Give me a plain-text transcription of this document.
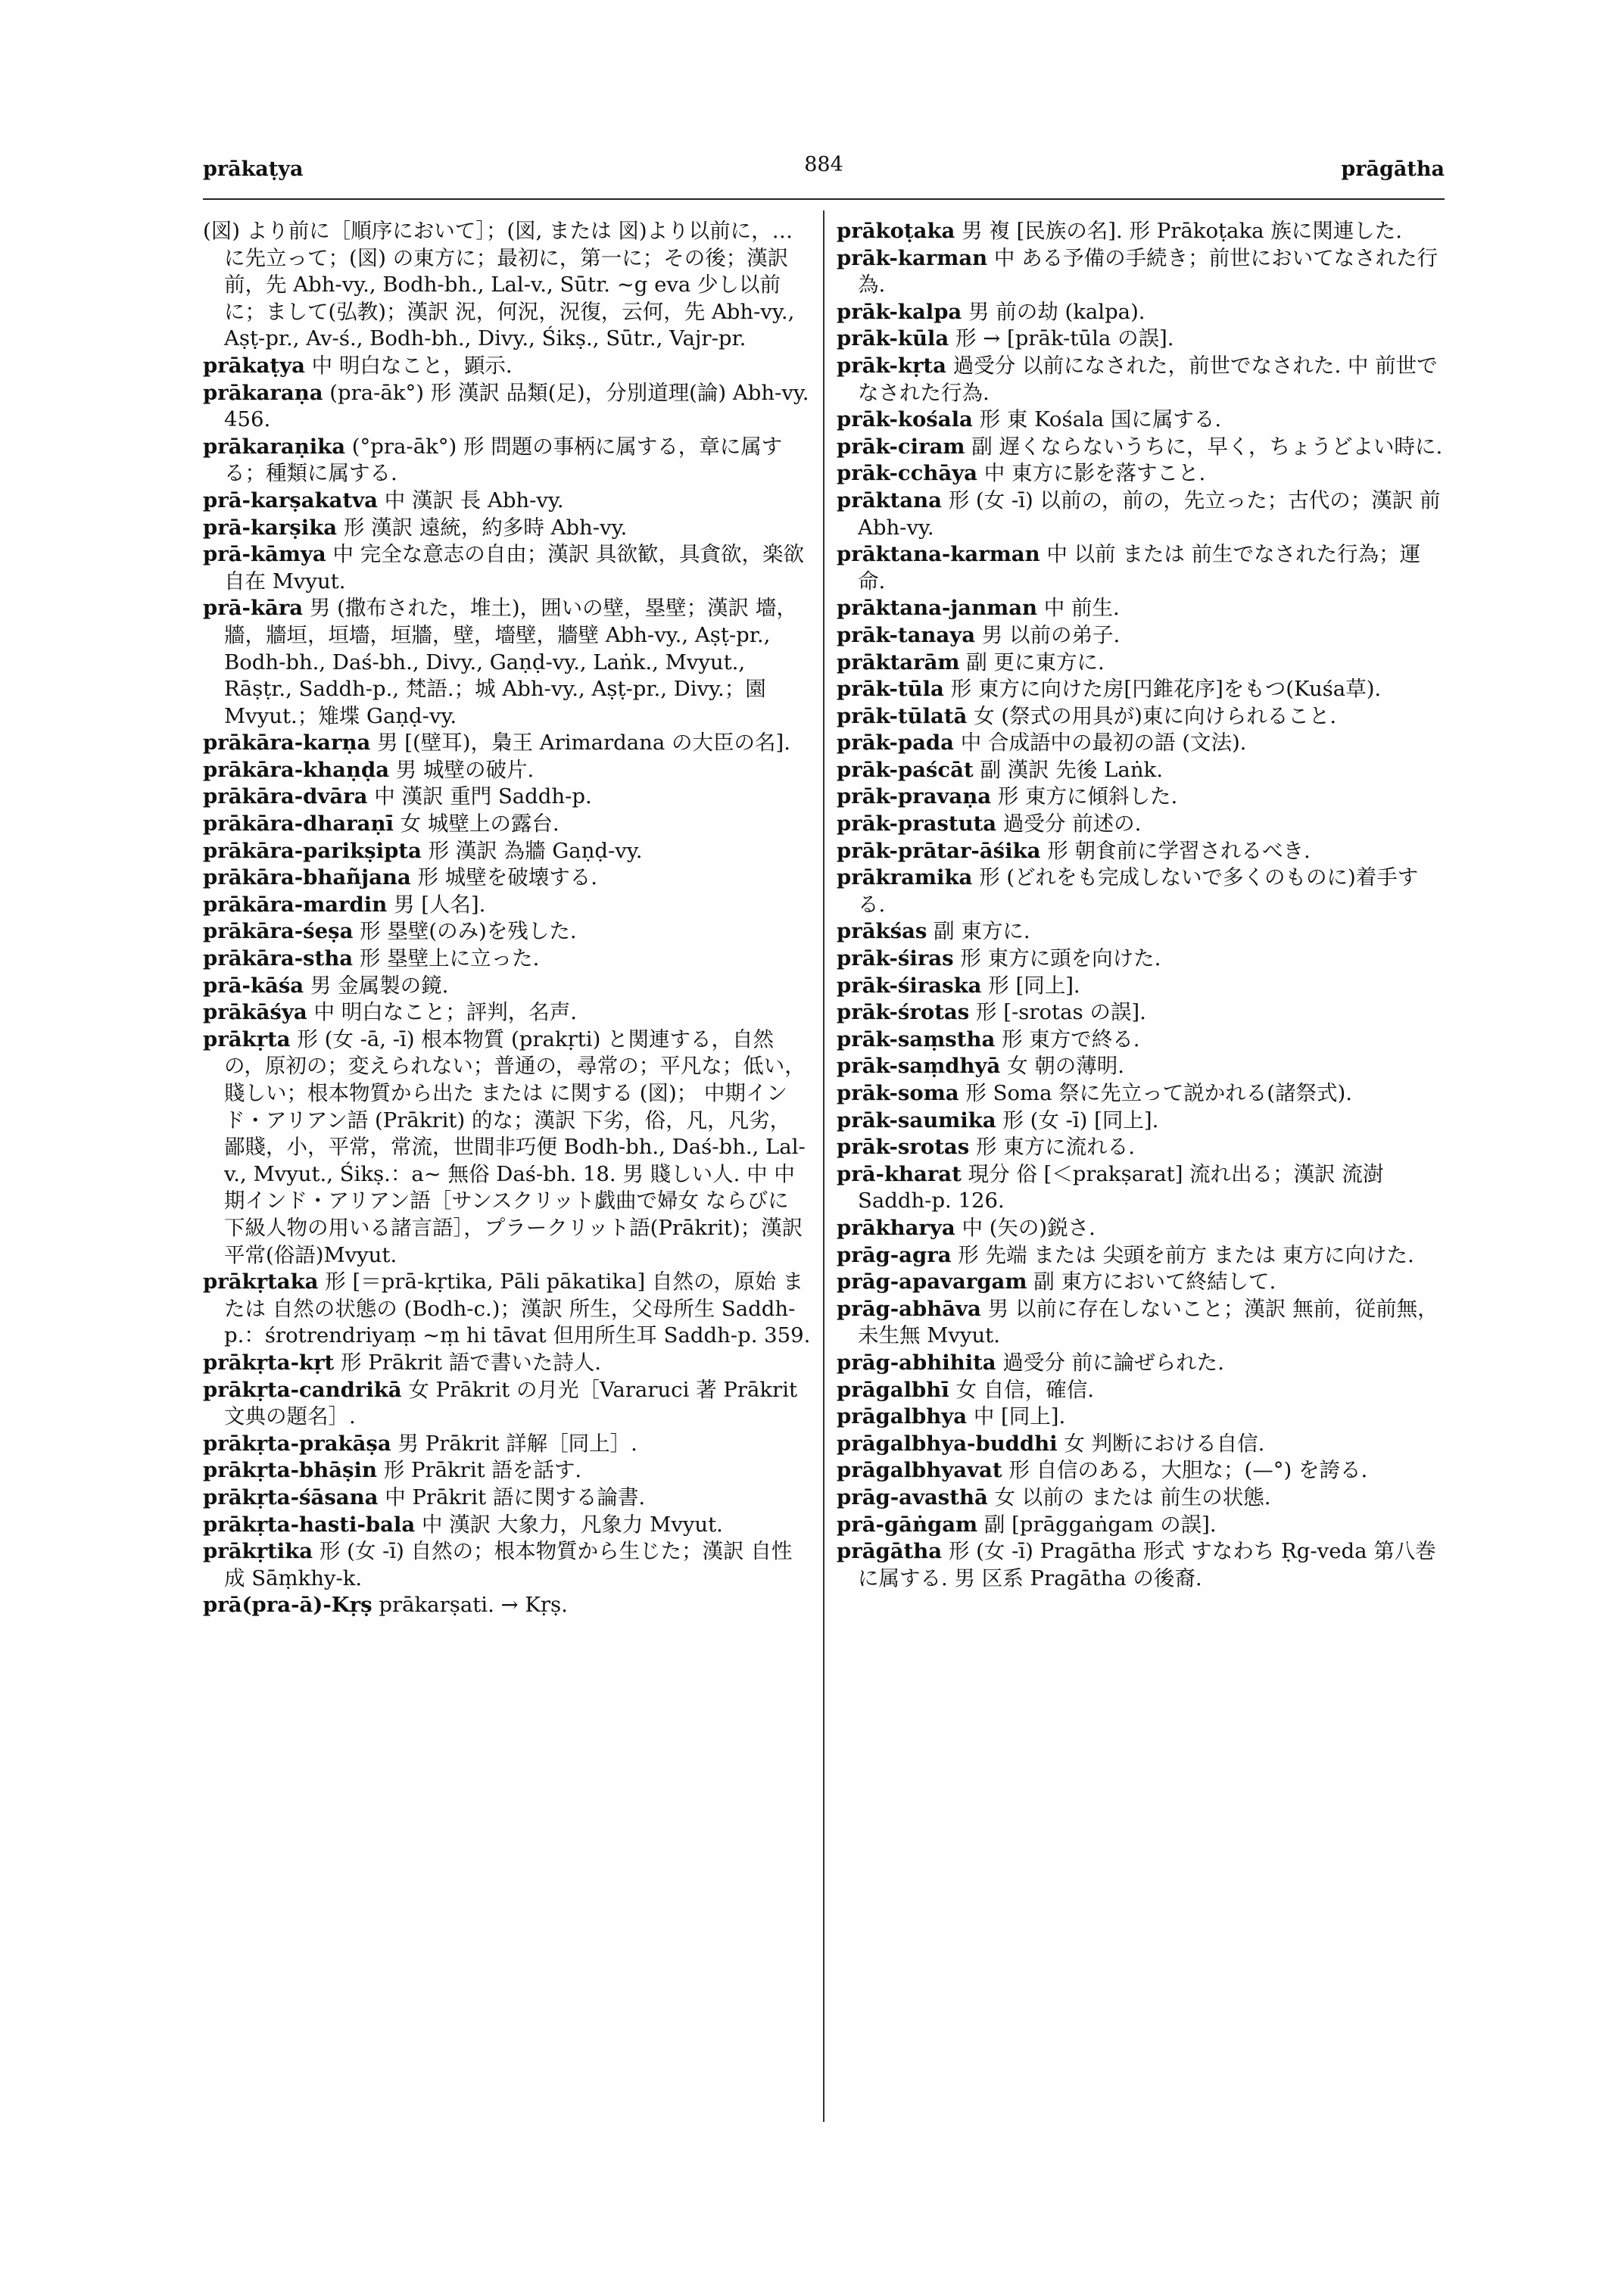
prākaṭya	884	prāgātha

(図) より前に［順序において］；(図, または 図)より以前に，…に先立って；(図) の東方に；最初に，第一に；その後；漢訳 前，先 Abh-vy., Bodh-bh., Lal-v., Sūtr. ~g eva 少し以前に；まして(弘教)；漢訳 況，何況，況復，云何，先 Abh-vy., Aṣṭ-pr., Av-ś., Bodh-bh., Divy., Śikṣ., Sūtr., Vajr-pr.

prākaṭya 中 明白なこと，顕示.

prākaraṇa (pra-āk°) 形 漢訳 品類(足)，分別道理(論) Abh-vy. 456.

prākaraṇika (°pra-āk°) 形 問題の事柄に属する，章に属する；種類に属する.

prā-karṣakatva 中 漢訳 長 Abh-vy.

prā-karṣika 形 漢訳 遠統，約多時 Abh-vy.

prā-kāmya 中 完全な意志の自由；漢訳 具欲歓，具貪欲，楽欲自在 Mvyut.

prā-kāra 男 (撒布された，堆土)，囲いの壁，塁壁；漢訳 墻，牆，牆垣，垣墻，垣牆，壁，墻壁，牆壁 Abh-vy., Aṣṭ-pr., Bodh-bh., Daś-bh., Divy., Gaṇḍ-vy., Laṅk., Mvyut., Rāṣṭr., Saddh-p., 梵語.；城 Abh-vy., Aṣṭ-pr., Divy.；園 Mvyut.；雉堞 Gaṇḍ-vy.

prākāra-karṇa 男 [(壁耳)，梟王 Arimardana の大臣の名].

prākāra-khaṇḍa 男 城壁の破片.

prākāra-dvāra 中 漢訳 重門 Saddh-p.

prākāra-dharaṇī 女 城壁上の露台.

prākāra-parikṣipta 形 漢訳 為牆 Gaṇḍ-vy.

prākāra-bhañjana 形 城壁を破壊する.

prākāra-mardin 男 [人名].

prākāra-śeṣa 形 塁壁(のみ)を残した.

prākāra-stha 形 塁壁上に立った.

prā-kāśa 男 金属製の鏡.

prākāśya 中 明白なこと；評判，名声.

prākṛta 形 (女 -ā, -ī) 根本物質 (prakṛti) と関連する，自然の，原初の；変えられない；普通の，尋常の；平凡な；低い，賤しい；根本物質から出た または に関する (図)； 中期インド・アリアン語 (Prākrit) 的な；漢訳 下劣，俗，凡，凡劣，鄙賤，小，平常，常流，世間非巧便 Bodh-bh., Daś-bh., Lal-v., Mvyut., Śikṣ.：a~ 無俗 Daś-bh. 18. 男 賤しい人. 中 中期インド・アリアン語［サンスクリット戯曲で婦女 ならびに 下級人物の用いる諸言語］，プラークリット語(Prākrit)；漢訳 平常(俗語)Mvyut.

prākṛtaka 形 [＝prā-kṛtika, Pāli pākatika] 自然の，原始 または 自然の状態の (Bodh-c.)；漢訳 所生，父母所生 Saddh-p.：śrotrendriyaṃ ~ṃ hi tāvat 但用所生耳 Saddh-p. 359.

prākṛta-kṛt 形 Prākrit 語で書いた詩人.

prākṛta-candrikā 女 Prākrit の月光［Vararuci 著 Prākrit 文典の題名］.

prākṛta-prakāṣa 男 Prākrit 詳解［同上］.

prākṛta-bhāṣin 形 Prākrit 語を話す.

prākṛta-śāsana 中 Prākrit 語に関する論書.

prākṛta-hasti-bala 中 漢訳 大象力，凡象力 Mvyut.

prākṛtika 形 (女 -ī) 自然の；根本物質から生じた；漢訳 自性成 Sāṃkhy-k.

prā(pra-ā)-Kṛṣ prākarṣati. → Kṛṣ.

prākoṭaka 男 複 [民族の名]. 形 Prākoṭaka 族に関連した.

prāk-karman 中 ある予備の手続き；前世においてなされた行為.

prāk-kalpa 男 前の劫 (kalpa).

prāk-kūla 形 → [prāk-tūla の誤].

prāk-kṛta 過受分 以前になされた，前世でなされた. 中 前世でなされた行為.

prāk-kośala 形 東 Kośala 国に属する.

prāk-ciram 副 遅くならないうちに，早く，ちょうどよい時に.

prāk-cchāya 中 東方に影を落すこと.

prāktana 形 (女 -ī) 以前の，前の，先立った；古代の；漢訳 前 Abh-vy.

prāktana-karman 中 以前 または 前生でなされた行為；運命.

prāktana-janman 中 前生.

prāk-tanaya 男 以前の弟子.

prāktarām 副 更に東方に.

prāk-tūla 形 東方に向けた房[円錐花序]をもつ(Kuśa草).

prāk-tūlatā 女 (祭式の用具が)東に向けられること.

prāk-pada 中 合成語中の最初の語 (文法).

prāk-paścāt 副 漢訳 先後 Laṅk.

prāk-pravaṇa 形 東方に傾斜した.

prāk-prastuta 過受分 前述の.

prāk-prātar-āśika 形 朝食前に学習されるべき.

prākramika 形 (どれをも完成しないで多くのものに)着手する.

prākśas 副 東方に.

prāk-śiras 形 東方に頭を向けた.

prāk-śiraska 形 [同上].

prāk-śrotas 形 [-srotas の誤].

prāk-saṃstha 形 東方で終る.

prāk-saṃdhyā 女 朝の薄明.

prāk-soma 形 Soma 祭に先立って説かれる(諸祭式).

prāk-saumika 形 (女 -ī) [同上].

prāk-srotas 形 東方に流れる.

prā-kharat 現分 俗 [＜prakṣarat] 流れ出る；漢訳 流澍 Saddh-p. 126.

prākharya 中 (矢の)鋭さ.

prāg-agra 形 先端 または 尖頭を前方 または 東方に向けた.

prāg-apavargam 副 東方において終結して.

prāg-abhāva 男 以前に存在しないこと；漢訳 無前，従前無，未生無 Mvyut.

prāg-abhihita 過受分 前に論ぜられた.

prāgalbhī 女 自信，確信.

prāgalbhya 中 [同上].

prāgalbhya-buddhi 女 判断における自信.

prāgalbhyavat 形 自信のある，大胆な；(—°) を誇る.

prāg-avasthā 女 以前の または 前生の状態.

prā-gāṅgam 副 [prāggaṅgam の誤].

prāgātha 形 (女 -ī) Pragātha 形式 すなわち Ṛg-veda 第八巻に属する. 男 区系 Pragātha の後裔.
